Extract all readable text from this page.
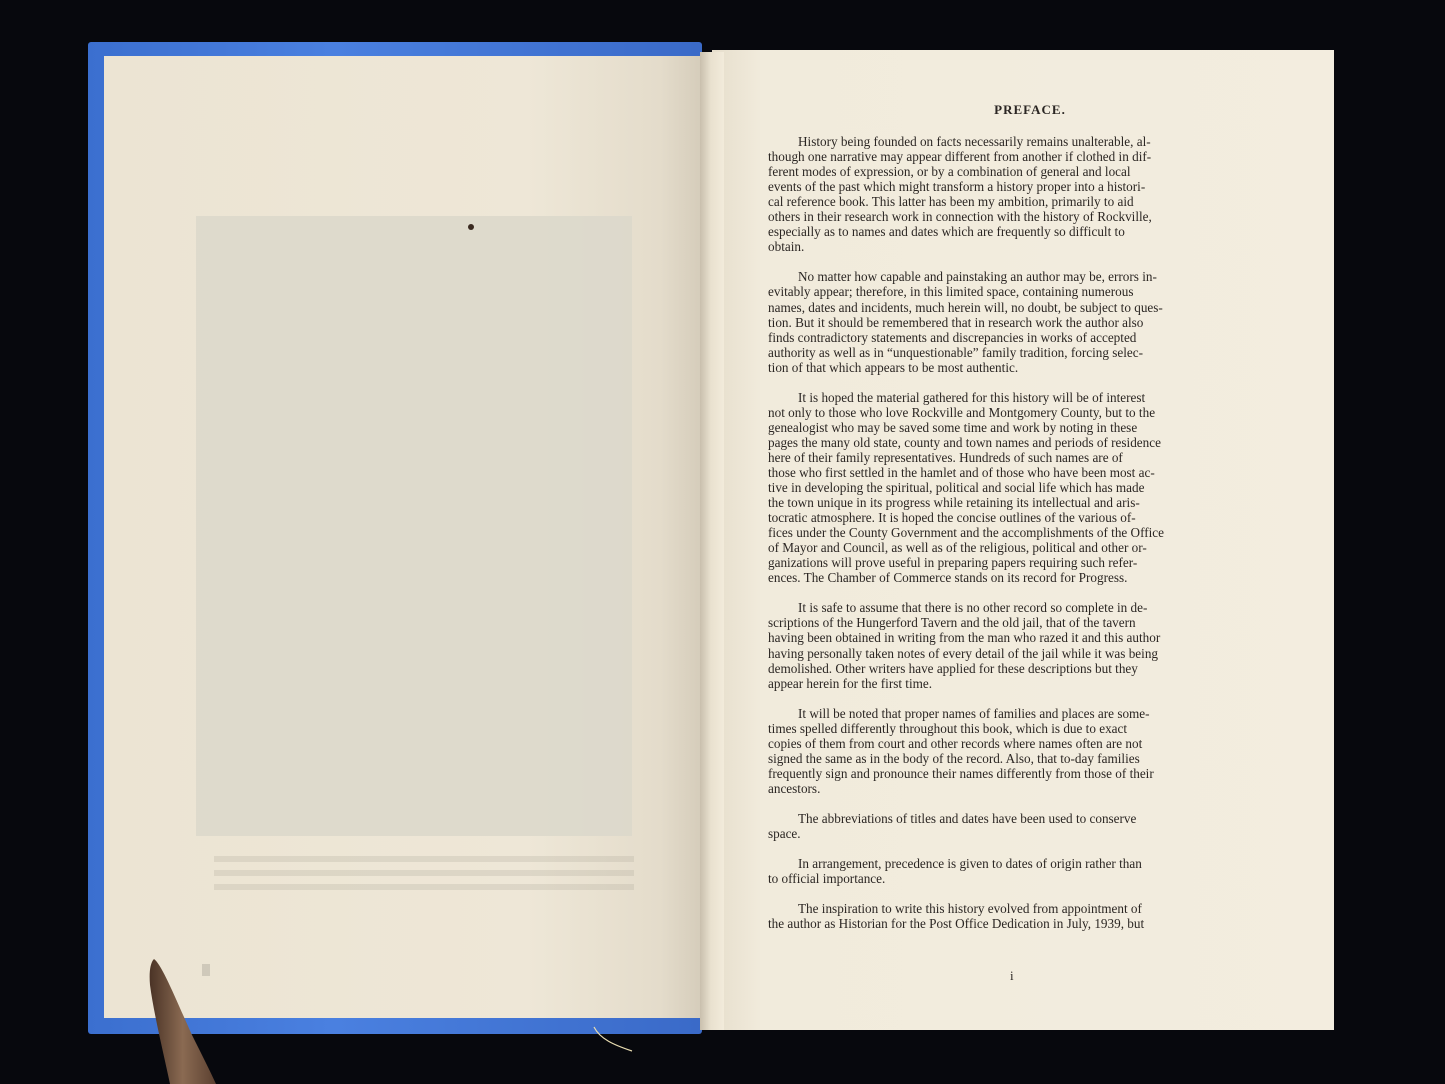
PREFACE.
History being founded on facts necessarily remains unalterable, al-
though one narrative may appear different from another if clothed in dif-
ferent modes of expression, or by a combination of general and local
events of the past which might transform a history proper into a histori-
cal reference book. This latter has been my ambition, primarily to aid
others in their research work in connection with the history of Rockville,
especially as to names and dates which are frequently so difficult to
obtain.
No matter how capable and painstaking an author may be, errors in-
evitably appear; therefore, in this limited space, containing numerous
names, dates and incidents, much herein will, no doubt, be subject to ques-
tion. But it should be remembered that in research work the author also
finds contradictory statements and discrepancies in works of accepted
authority as well as in “unquestionable” family tradition, forcing selec-
tion of that which appears to be most authentic.
It is hoped the material gathered for this history will be of interest
not only to those who love Rockville and Montgomery County, but to the
genealogist who may be saved some time and work by noting in these
pages the many old state, county and town names and periods of residence
here of their family representatives. Hundreds of such names are of
those who first settled in the hamlet and of those who have been most ac-
tive in developing the spiritual, political and social life which has made
the town unique in its progress while retaining its intellectual and aris-
tocratic atmosphere. It is hoped the concise outlines of the various of-
fices under the County Government and the accomplishments of the Office
of Mayor and Council, as well as of the religious, political and other or-
ganizations will prove useful in preparing papers requiring such refer-
ences. The Chamber of Commerce stands on its record for Progress.
It is safe to assume that there is no other record so complete in de-
scriptions of the Hungerford Tavern and the old jail, that of the tavern
having been obtained in writing from the man who razed it and this author
having personally taken notes of every detail of the jail while it was being
demolished. Other writers have applied for these descriptions but they
appear herein for the first time.
It will be noted that proper names of families and places are some-
times spelled differently throughout this book, which is due to exact
copies of them from court and other records where names often are not
signed the same as in the body of the record. Also, that to-day families
frequently sign and pronounce their names differently from those of their
ancestors.
The abbreviations of titles and dates have been used to conserve
space.
In arrangement, precedence is given to dates of origin rather than
to official importance.
The inspiration to write this history evolved from appointment of
the author as Historian for the Post Office Dedication in July, 1939, but
i
